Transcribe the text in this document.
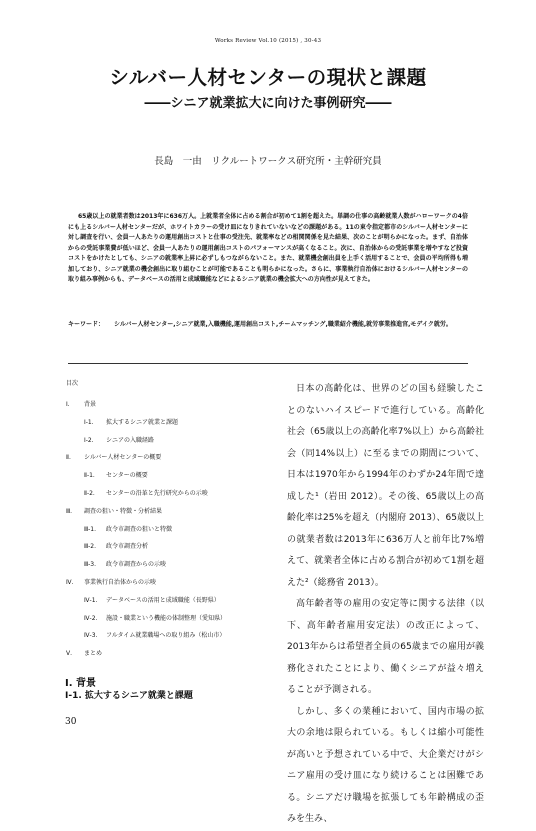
Works Review Vol.10 (2015) , 30-43
シルバー人材センターの現状と課題
――シニア就業拡大に向けた事例研究――
長島　一由　リクルートワークス研究所・主幹研究員
65歳以上の就業者数は2013年に636万人。上就業者全体に占める割合が初めて1割を超えた。単調の仕事の高齢就業人数がハローワークの4倍にも上るシルバー人材センターだが、ホワイトカラーの受け皿になりきれていないなどの課題がある。11の東令指定都市のシルバー人材センターに対し調査を行い、会員一人あたりの運用創出コストと仕事の受注先、就業率などの相関関係を見た結果、次のことが明らかになった。まず、自治体からの受託事業費が低いほど、会員一人あたりの運用創出コストのパフォーマンスが高くなること。次に、自治体からの受託事業を増やすなど投資コストをかけたとしても、シニアの就業率上昇に必ずしもつながらないこと。また、就業機会創出員を上手く活用することで、会員の平均所得も増加しており、シニア就業の機会創出に取り組むことが可能であることも明らかになった。さらに、事業執行自治体におけるシルバー人材センターの取り組み事例からも、データベースの活用と成域職能などによるシニア就業の機会拡大への方向性が見えてきた。
キーワード： シルバー人材センター,シニア就業,入職機能,運用創出コスト,チームマッチング,職業紹介機能,就労事業推進官,モデイク就労。
目次
Ⅰ. 背景
Ⅰ-1. 拡大するシニア就業と課題
Ⅰ-2. シニアの入職経路
Ⅱ. シルバー人材センターの概要
Ⅱ-1. センターの概要
Ⅱ-2. センターの沿革と先行研究からの示唆
Ⅲ. 調査の狙い・特徴・分析結果
Ⅲ-1. 政令市調査の狙いと特徴
Ⅲ-2. 政令市調査分析
Ⅲ-3. 政令市調査からの示唆
Ⅳ. 事業執行自治体からの示唆
Ⅳ-1. データベースの活用と成域職能（長野県）
Ⅳ-2. 施設・職業という機能の体制整理（愛知県）
Ⅳ-3. フルタイム就業職場への取り組み（松山市）
Ⅴ. まとめ
Ⅰ. 背景
Ⅰ-1. 拡大するシニア就業と課題

日本の高齢化は、世界のどの国も経験したことのないハイスピードで進行している。高齢化社会（65歳以上の高齢化率7%以上）から高齢社会（同14%以上）に至るまでの期間について、日本は1970年から1994年のわずか24年間で達成した¹（岩田 2012）。その後、65歳以上の高齢化率は25%を超え（内閣府 2013）、65歳以上の就業者数は2013年に636万人と前年比7%増えて、就業者全体に占める割合が初めて1割を超えた²（総務省 2013）。

高年齢者等の雇用の安定等に関する法律（以下、高年齢者雇用安定法）の改正によって、2013年からは希望者全員の65歳までの雇用が義務化されたことにより、働くシニアが益々増えることが予測される。

しかし、多くの業種において、国内市場の拡大の余地は限られている。もしくは縮小可能性が高いと予想されている中で、大企業だけがシニア雇用の受け皿になり続けることは困難である。シニアだけ職場を拡張しても年齢構成の歪みを生み、

30
